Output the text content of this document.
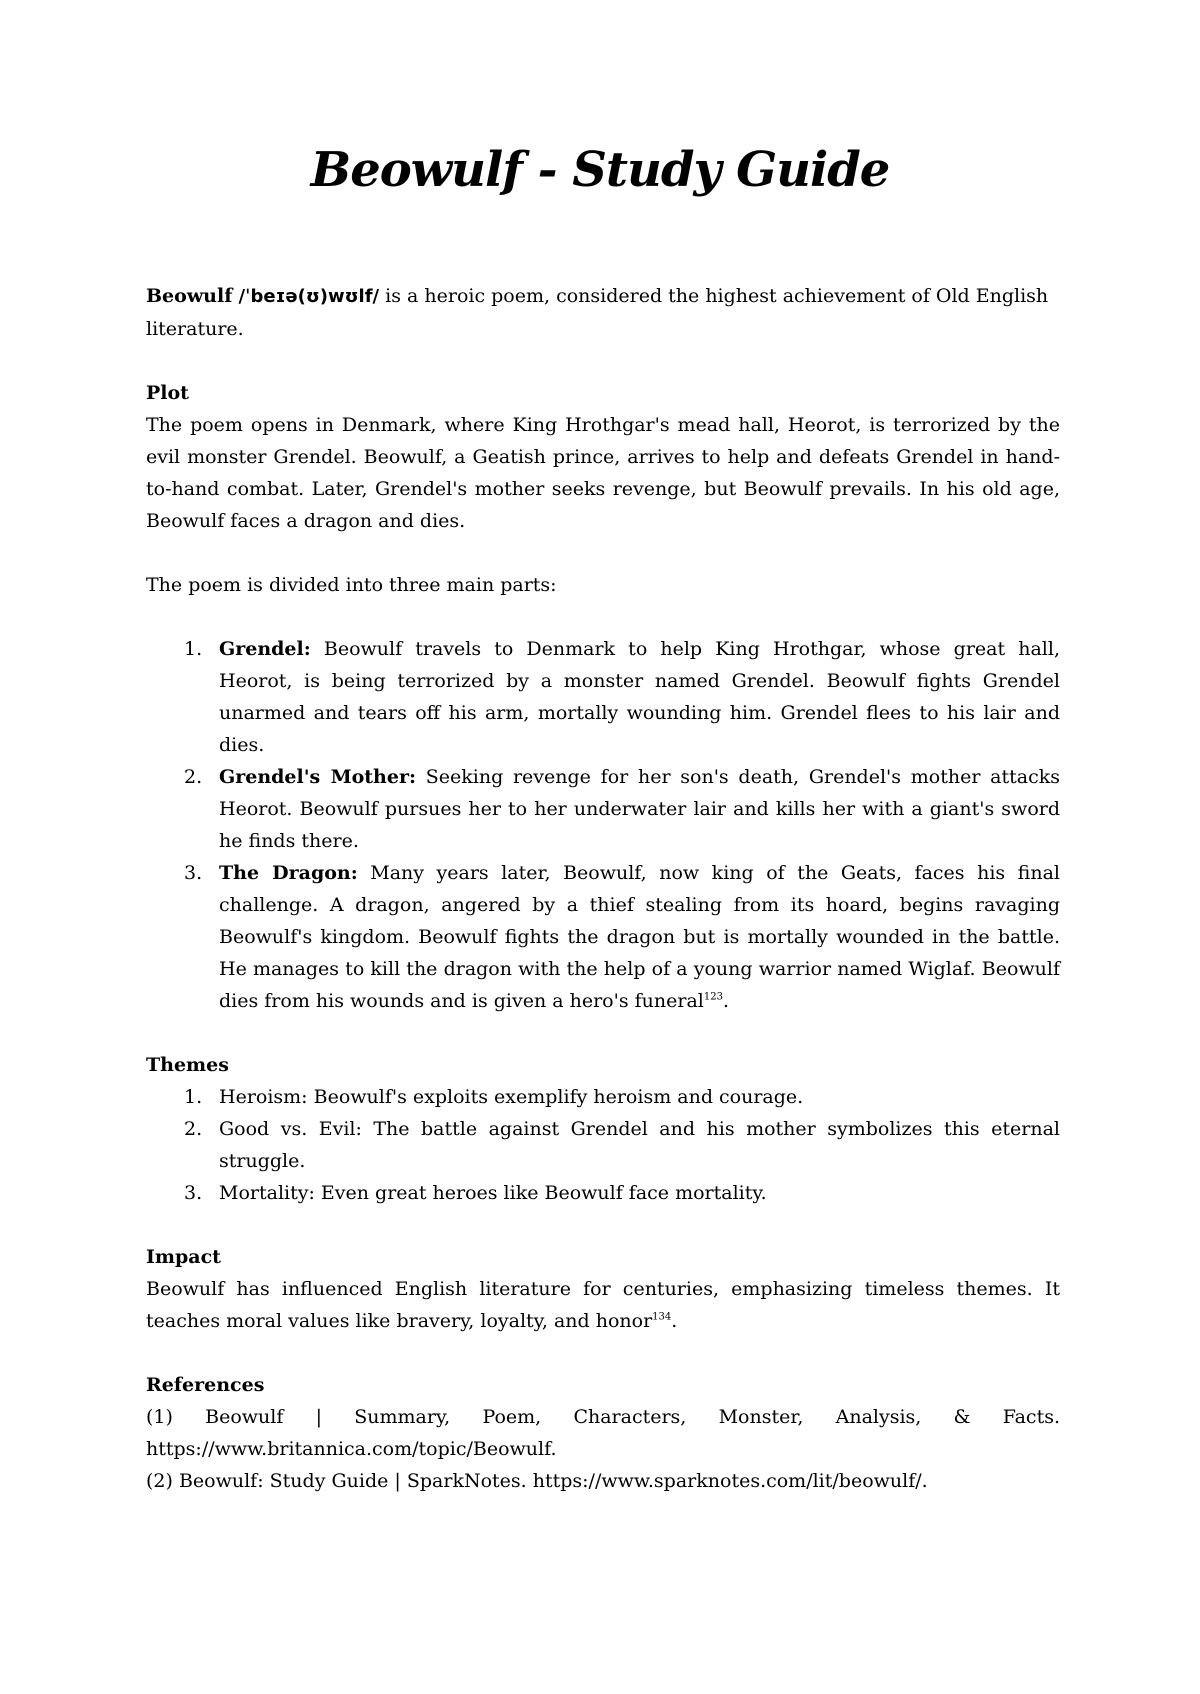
Beowulf - Study Guide

Beowulf /ˈbeɪə(ʊ)wʊlf/ is a heroic poem, considered the highest achievement of Old English literature.

Plot

The poem opens in Denmark, where King Hrothgar's mead hall, Heorot, is terrorized by the evil monster Grendel. Beowulf, a Geatish prince, arrives to help and defeats Grendel in hand-to-hand combat. Later, Grendel's mother seeks revenge, but Beowulf prevails. In his old age, Beowulf faces a dragon and dies.

The poem is divided into three main parts:

1. Grendel: Beowulf travels to Denmark to help King Hrothgar, whose great hall, Heorot, is being terrorized by a monster named Grendel. Beowulf fights Grendel unarmed and tears off his arm, mortally wounding him. Grendel flees to his lair and dies.
2. Grendel's Mother: Seeking revenge for her son's death, Grendel's mother attacks Heorot. Beowulf pursues her to her underwater lair and kills her with a giant's sword he finds there.
3. The Dragon: Many years later, Beowulf, now king of the Geats, faces his final challenge. A dragon, angered by a thief stealing from its hoard, begins ravaging Beowulf's kingdom. Beowulf fights the dragon but is mortally wounded in the battle. He manages to kill the dragon with the help of a young warrior named Wiglaf. Beowulf dies from his wounds and is given a hero's funeral$^{123}$.

Themes

1. Heroism: Beowulf's exploits exemplify heroism and courage.
2. Good vs. Evil: The battle against Grendel and his mother symbolizes this eternal struggle.
3. Mortality: Even great heroes like Beowulf face mortality.

Impact

Beowulf has influenced English literature for centuries, emphasizing timeless themes. It teaches moral values like bravery, loyalty, and honor$^{134}$.

References

(1) Beowulf | Summary, Poem, Characters, Monster, Analysis, & Facts. https://www.britannica.com/topic/Beowulf.

(2) Beowulf: Study Guide | SparkNotes. https://www.sparknotes.com/lit/beowulf/.
